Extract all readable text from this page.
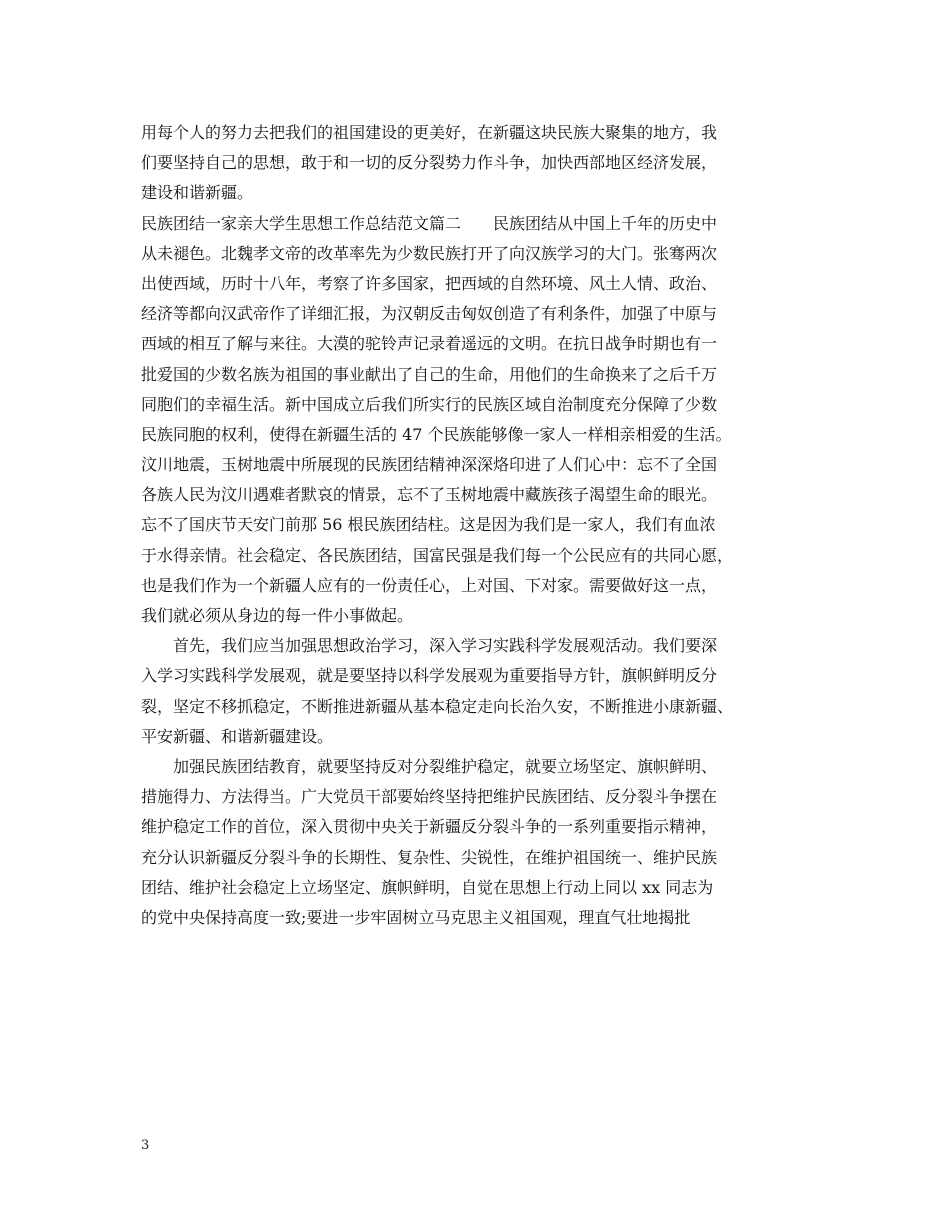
用每个人的努力去把我们的祖国建设的更美好，在新疆这块民族大聚集的地方，我
们要坚持自己的思想，敢于和一切的反分裂势力作斗争，加快西部地区经济发展，
建设和谐新疆。
民族团结一家亲大学生思想工作总结范文篇二　　民族团结从中国上千年的历史中
从未褪色。北魏孝文帝的改革率先为少数民族打开了向汉族学习的大门。张骞两次
出使西域，历时十八年，考察了许多国家，把西域的自然环境、风土人情、政治、
经济等都向汉武帝作了详细汇报，为汉朝反击匈奴创造了有利条件，加强了中原与
西域的相互了解与来往。大漠的驼铃声记录着遥远的文明。在抗日战争时期也有一
批爱国的少数名族为祖国的事业献出了自己的生命，用他们的生命换来了之后千万
同胞们的幸福生活。新中国成立后我们所实行的民族区域自治制度充分保障了少数
民族同胞的权利，使得在新疆生活的 47 个民族能够像一家人一样相亲相爱的生活。
汶川地震，玉树地震中所展现的民族团结精神深深烙印进了人们心中：忘不了全国
各族人民为汶川遇难者默哀的情景，忘不了玉树地震中藏族孩子渴望生命的眼光。
忘不了国庆节天安门前那 56 根民族团结柱。这是因为我们是一家人，我们有血浓
于水得亲情。社会稳定、各民族团结，国富民强是我们每一个公民应有的共同心愿，
也是我们作为一个新疆人应有的一份责任心，上对国、下对家。需要做好这一点，
我们就必须从身边的每一件小事做起。
　　首先，我们应当加强思想政治学习，深入学习实践科学发展观活动。我们要深
入学习实践科学发展观，就是要坚持以科学发展观为重要指导方针，旗帜鲜明反分
裂，坚定不移抓稳定，不断推进新疆从基本稳定走向长治久安，不断推进小康新疆、
平安新疆、和谐新疆建设。
　　加强民族团结教育，就要坚持反对分裂维护稳定，就要立场坚定、旗帜鲜明、
措施得力、方法得当。广大党员干部要始终坚持把维护民族团结、反分裂斗争摆在
维护稳定工作的首位，深入贯彻中央关于新疆反分裂斗争的一系列重要指示精神，
充分认识新疆反分裂斗争的长期性、复杂性、尖锐性，在维护祖国统一、维护民族
团结、维护社会稳定上立场坚定、旗帜鲜明，自觉在思想上行动上同以 xx 同志为
的党中央保持高度一致;要进一步牢固树立马克思主义祖国观，理直气壮地揭批
3
